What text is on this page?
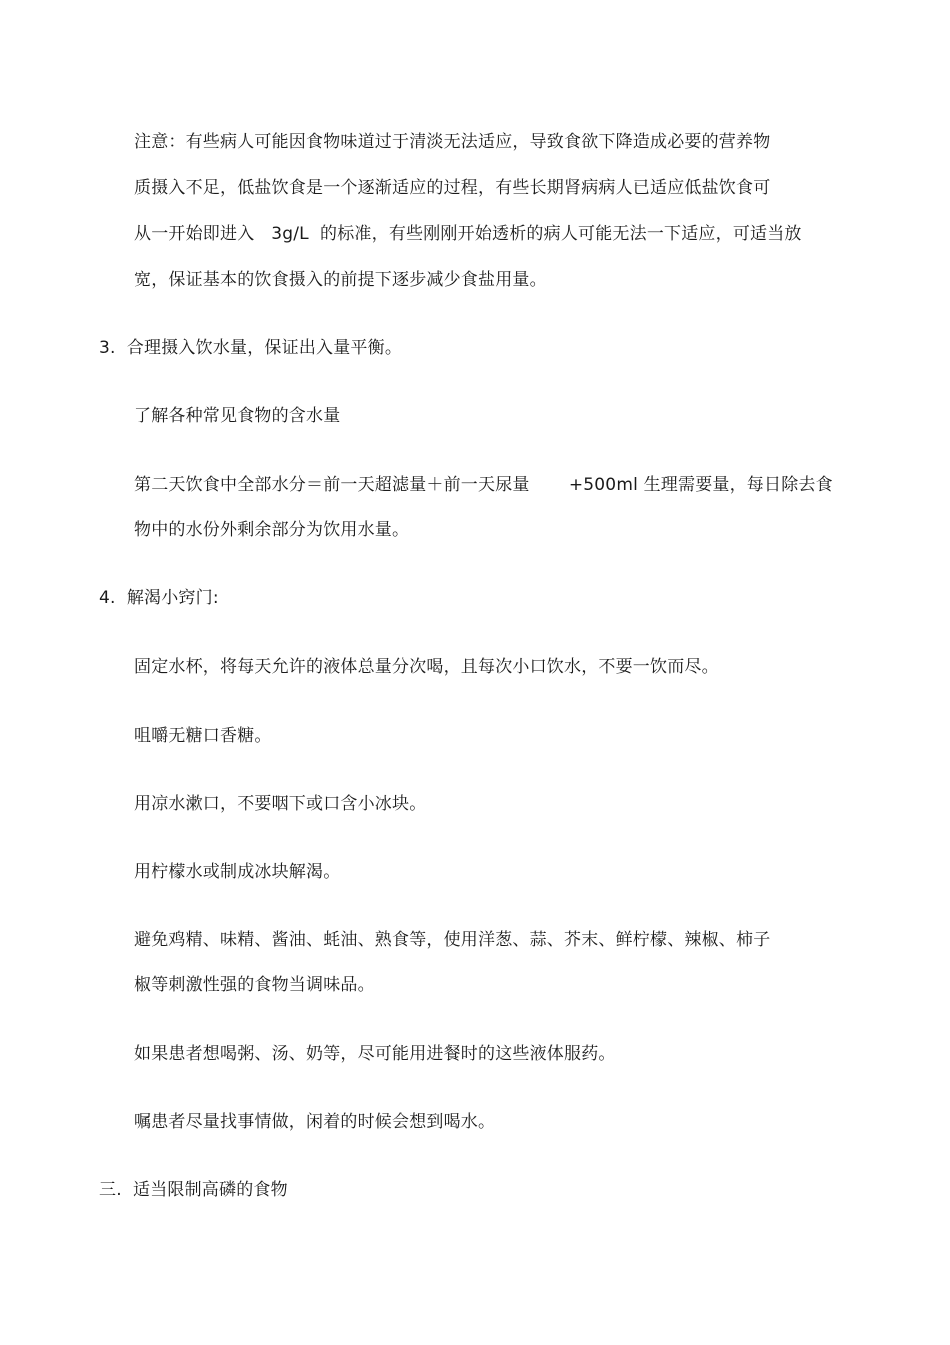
注意：有些病人可能因食物味道过于清淡无法适应，导致食欲下降造成必要的营养物
质摄入不足，低盐饮食是一个逐渐适应的过程，有些长期肾病病人已适应低盐饮食可
从一开始即进入   3g/L  的标准，有些刚刚开始透析的病人可能无法一下适应，可适当放
宽，保证基本的饮食摄入的前提下逐步减少食盐用量。
3.  合理摄入饮水量，保证出入量平衡。
了解各种常见食物的含水量
第二天饮食中全部水分＝前一天超滤量＋前一天尿量       +500ml 生理需要量，每日除去食
物中的水份外剩余部分为饮用水量。
4.  解渴小窍门:
固定水杯，将每天允许的液体总量分次喝，且每次小口饮水，不要一饮而尽。
咀嚼无糖口香糖。
用凉水漱口，不要咽下或口含小冰块。
用柠檬水或制成冰块解渴。
避免鸡精、味精、酱油、蚝油、熟食等，使用洋葱、蒜、芥末、鲜柠檬、辣椒、柿子
椒等刺激性强的食物当调味品。
如果患者想喝粥、汤、奶等，尽可能用进餐时的这些液体服药。
嘱患者尽量找事情做，闲着的时候会想到喝水。
三.  适当限制高磷的食物
